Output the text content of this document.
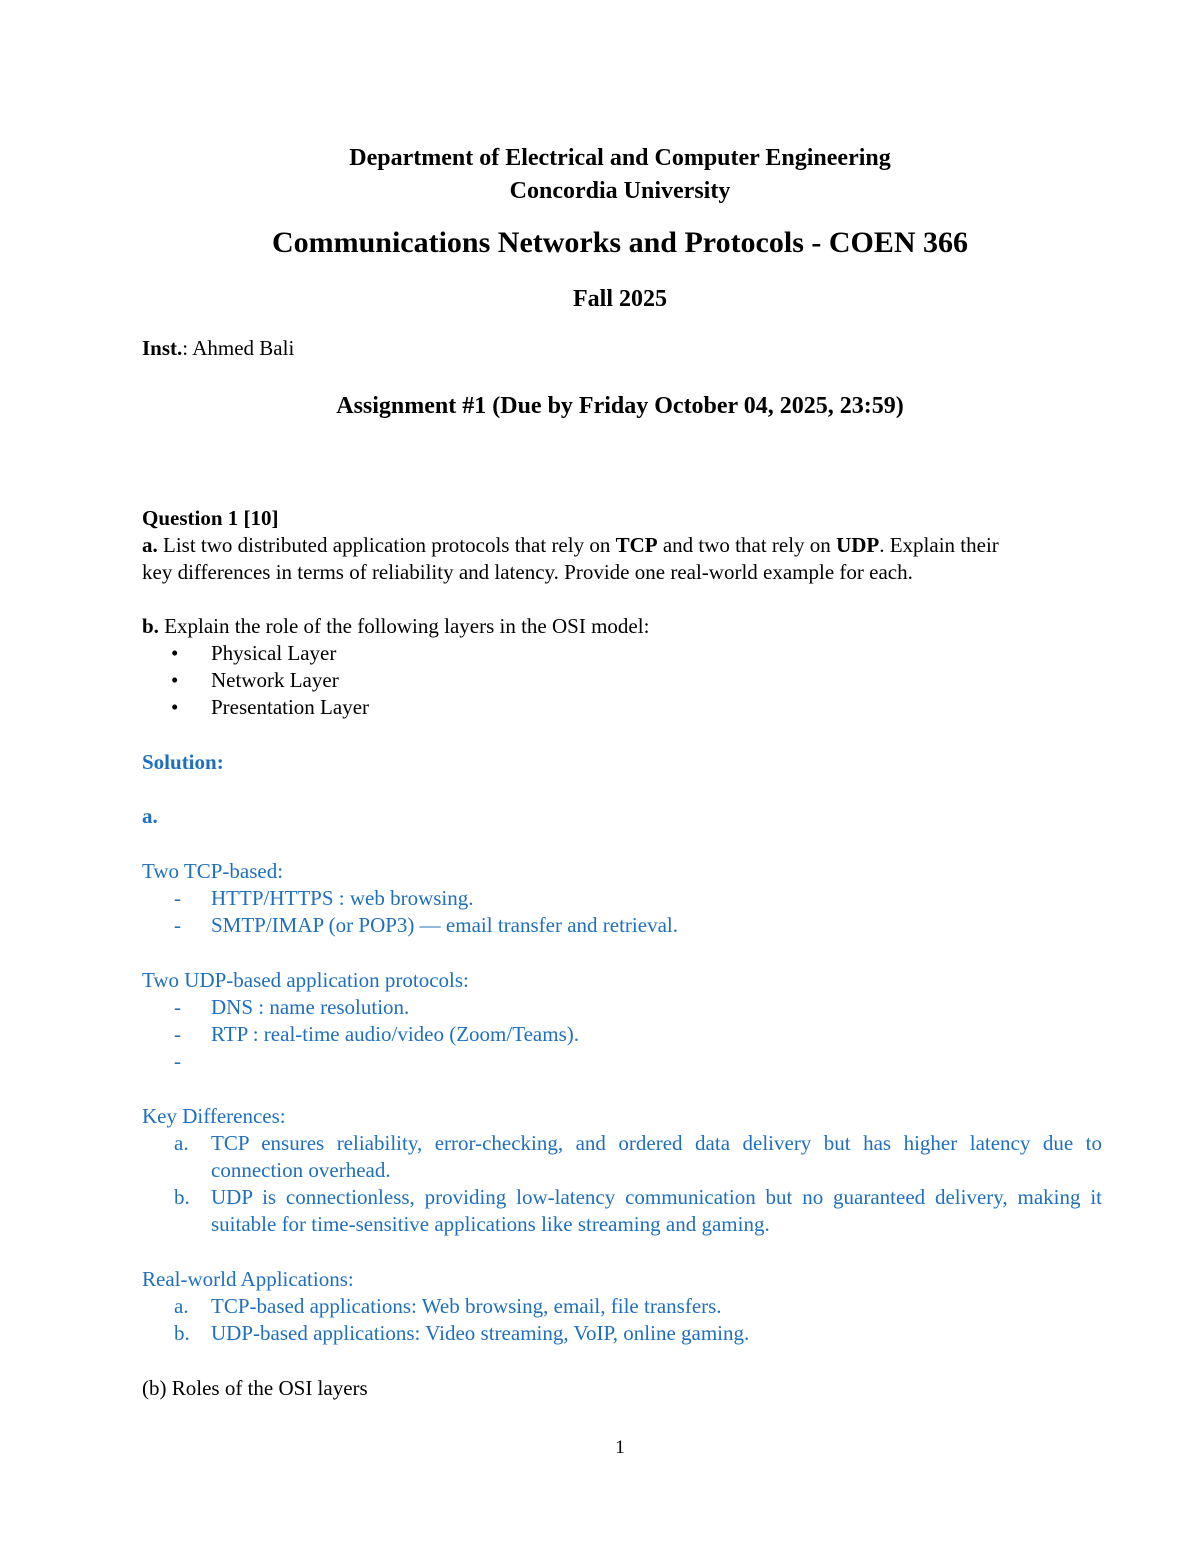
Department of Electrical and Computer Engineering
Concordia University
Communications Networks and Protocols - COEN 366
Fall 2025
Inst.: Ahmed Bali
Assignment #1 (Due by Friday October 04, 2025, 23:59)
Question 1 [10]
a. List two distributed application protocols that rely on TCP and two that rely on UDP. Explain their
key differences in terms of reliability and latency. Provide one real-world example for each.
b. Explain the role of the following layers in the OSI model:
• Physical Layer
• Network Layer
• Presentation Layer
Solution:
a.
Two TCP-based:
- HTTP/HTTPS : web browsing.
- SMTP/IMAP (or POP3) — email transfer and retrieval.
Two UDP-based application protocols:
- DNS : name resolution.
- RTP : real-time audio/video (Zoom/Teams).
-
Key Differences:
a. TCP ensures reliability, error-checking, and ordered data delivery but has higher latency due to connection overhead.
b. UDP is connectionless, providing low-latency communication but no guaranteed delivery, making it suitable for time-sensitive applications like streaming and gaming.
Real-world Applications:
a. TCP-based applications: Web browsing, email, file transfers.
b. UDP-based applications: Video streaming, VoIP, online gaming.
(b) Roles of the OSI layers
1
